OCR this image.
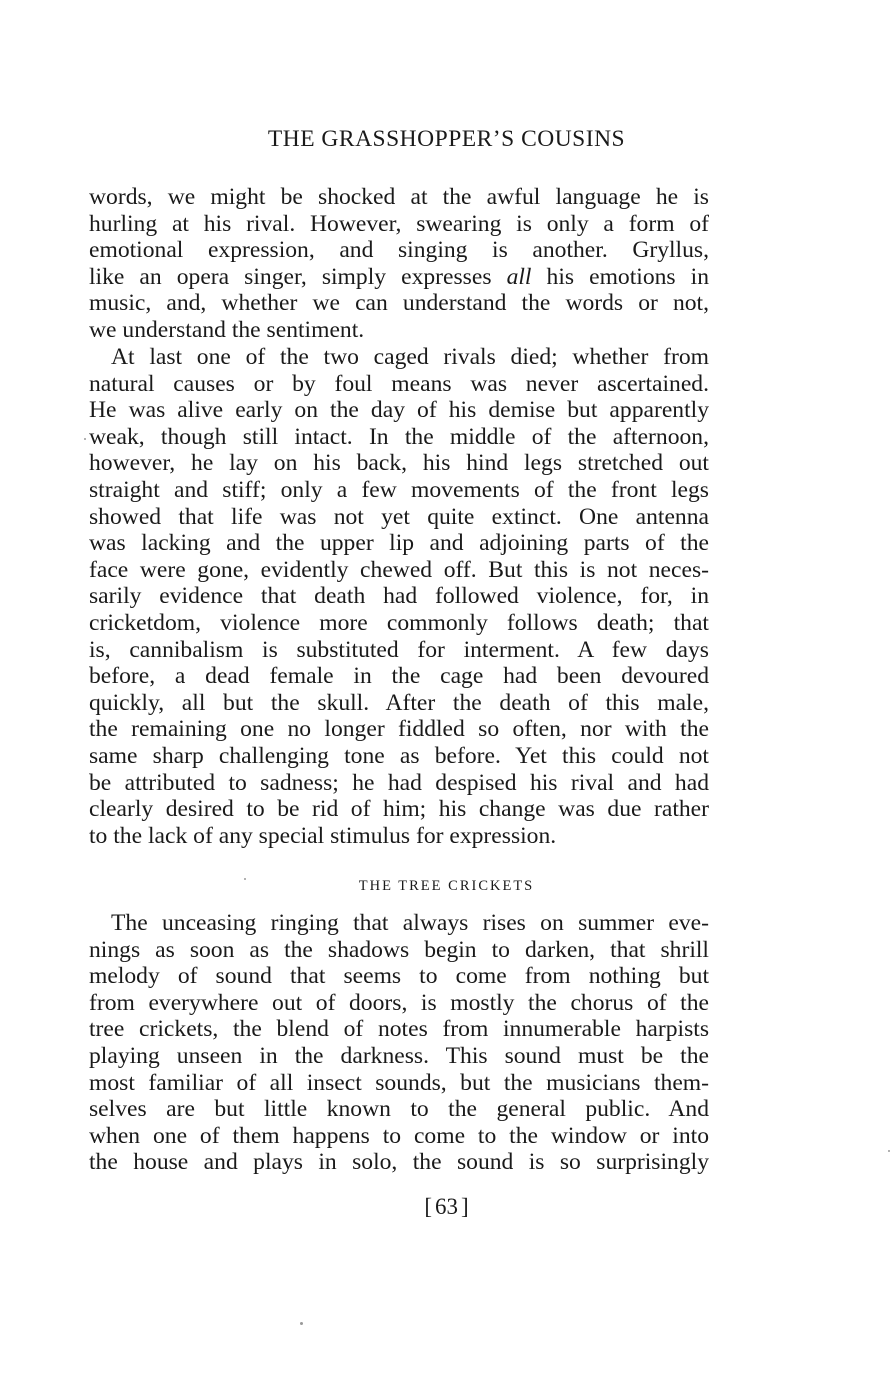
THE GRASSHOPPER’S COUSINS
words, we might be shocked at the awful language he is
hurling at his rival. However, swearing is only a form of
emotional expression, and singing is another. Gryllus,
like an opera singer, simply expresses all his emotions in
music, and, whether we can understand the words or not,
we understand the sentiment.
At last one of the two caged rivals died; whether from
natural causes or by foul means was never ascertained.
He was alive early on the day of his demise but apparently
weak, though still intact. In the middle of the afternoon,
however, he lay on his back, his hind legs stretched out
straight and stiff; only a few movements of the front legs
showed that life was not yet quite extinct. One antenna
was lacking and the upper lip and adjoining parts of the
face were gone, evidently chewed off. But this is not neces-
sarily evidence that death had followed violence, for, in
cricketdom, violence more commonly follows death; that
is, cannibalism is substituted for interment. A few days
before, a dead female in the cage had been devoured
quickly, all but the skull. After the death of this male,
the remaining one no longer fiddled so often, nor with the
same sharp challenging tone as before. Yet this could not
be attributed to sadness; he had despised his rival and had
clearly desired to be rid of him; his change was due rather
to the lack of any special stimulus for expression.
THE TREE CRICKETS
The unceasing ringing that always rises on summer eve-
nings as soon as the shadows begin to darken, that shrill
melody of sound that seems to come from nothing but
from everywhere out of doors, is mostly the chorus of the
tree crickets, the blend of notes from innumerable harpists
playing unseen in the darkness. This sound must be the
most familiar of all insect sounds, but the musicians them-
selves are but little known to the general public. And
when one of them happens to come to the window or into
the house and plays in solo, the sound is so surprisingly
[ 63 ]
